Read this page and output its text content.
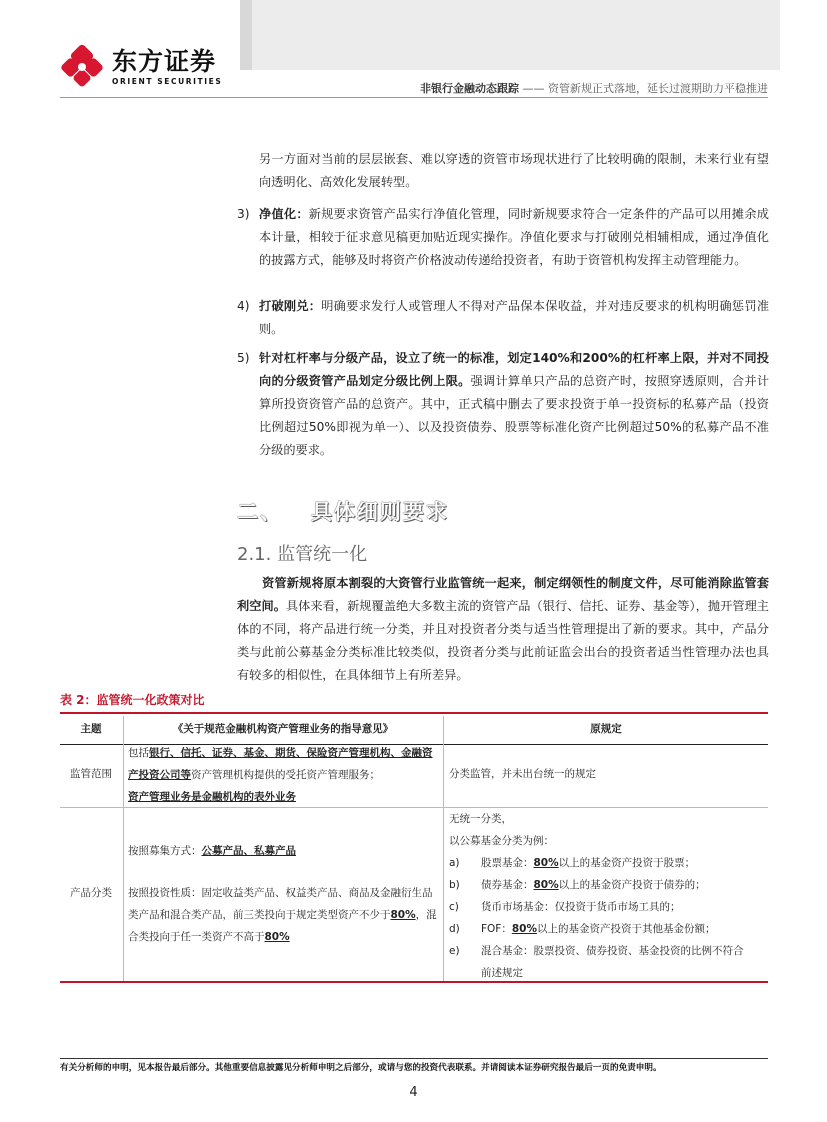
东方证券
ORIENT SECURITIES
非银行金融动态跟踪 —— 资管新规正式落地，延长过渡期助力平稳推进

另一方面对当前的层层嵌套、难以穿透的资管市场现状进行了比较明确的限制，未来行业有望向透明化、高效化发展转型。

3) 净值化：新规要求资管产品实行净值化管理，同时新规要求符合一定条件的产品可以用摊余成本计量，相较于征求意见稿更加贴近现实操作。净值化要求与打破刚兑相辅相成，通过净值化的披露方式，能够及时将资产价格波动传递给投资者，有助于资管机构发挥主动管理能力。

4) 打破刚兑：明确要求发行人或管理人不得对产品保本保收益，并对违反要求的机构明确惩罚准则。

5) 针对杠杆率与分级产品，设立了统一的标准，划定140%和200%的杠杆率上限，并对不同投向的分级资管产品划定分级比例上限。强调计算单只产品的总资产时，按照穿透原则，合并计算所投资资管产品的总资产。其中，正式稿中删去了要求投资于单一投资标的私募产品（投资比例超过50%即视为单一）、以及投资债券、股票等标准化资产比例超过50%的私募产品不准分级的要求。

二、 具体细则要求
2.1. 监管统一化

资管新规将原本割裂的大资管行业监管统一起来，制定纲领性的制度文件，尽可能消除监管套利空间。具体来看，新规覆盖绝大多数主流的资管产品（银行、信托、证券、基金等），抛开管理主体的不同，将产品进行统一分类，并且对投资者分类与适当性管理提出了新的要求。其中，产品分类与此前公募基金分类标准比较类似，投资者分类与此前证监会出台的投资者适当性管理办法也具有较多的相似性，在具体细节上有所差异。

表 2：监管统一化政策对比
主题	《关于规范金融机构资产管理业务的指导意见》	原规定
监管范围
包括银行、信托、证券、基金、期货、保险资产管理机构、金融资产投资公司等资产管理机构提供的受托资产管理服务；
资产管理业务是金融机构的表外业务
分类监管，并未出台统一的规定
产品分类
按照募集方式：公募产品、私募产品
按照投资性质：固定收益类产品、权益类产品、商品及金融衍生品类产品和混合类产品，前三类投向于规定类型资产不少于80%，混合类投向于任一类资产不高于80%
无统一分类，
以公募基金分类为例：
a) 股票基金：80%以上的基金资产投资于股票；
b) 债券基金：80%以上的基金资产投资于债券的；
c) 货币市场基金：仅投资于货币市场工具的；
d) FOF：80%以上的基金资产投资于其他基金份额；
e) 混合基金：股票投资、债券投资、基金投资的比例不符合
前述规定
有关分析师的申明，见本报告最后部分。其他重要信息披露见分析师申明之后部分，或请与您的投资代表联系。并请阅读本证券研究报告最后一页的免责申明。
4
